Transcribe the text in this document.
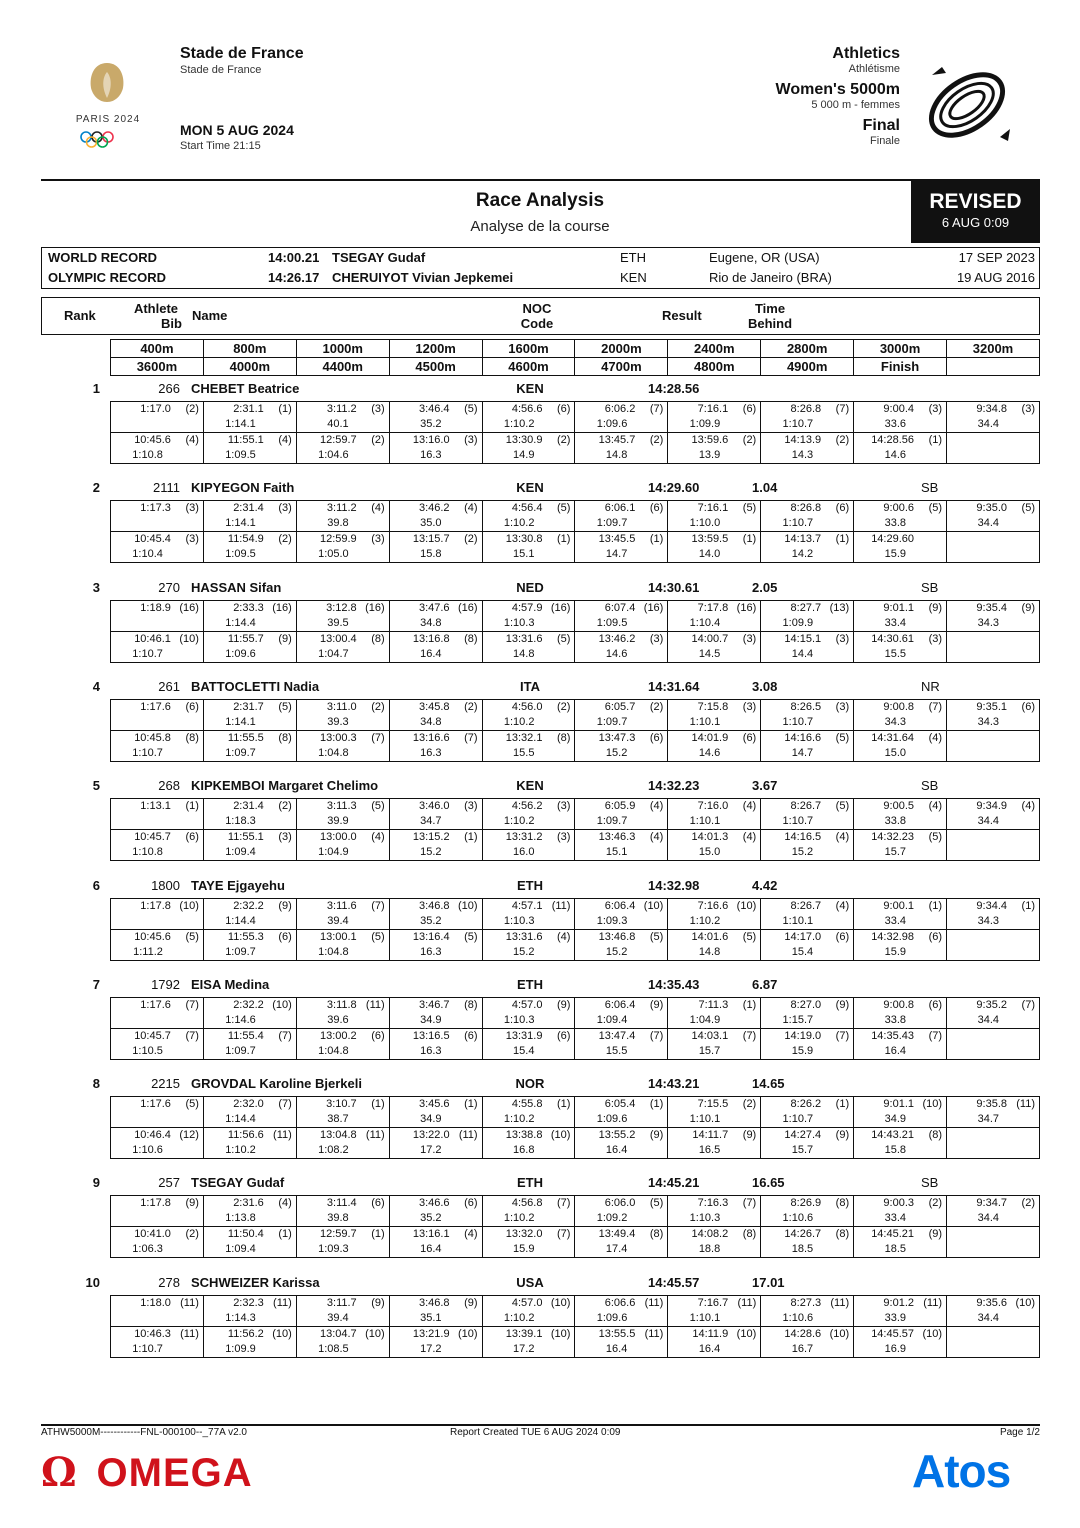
PARIS 2024
Stade de France
Stade de France
MON 5 AUG 2024
Start Time 21:15
Athletics
Athlétisme
Women's 5000m
5 000 m - femmes
Final
Finale
REVISED
6 AUG 0:09
Race Analysis
Analyse de la course
WORLD RECORD	14:00.21 TSEGAY Gudaf	ETH	Eugene, OR (USA)	17 SEP 2023
OLYMPIC RECORD	14:26.17 CHERUIYOT Vivian Jepkemei	KEN	Rio de Janeiro (BRA)	19 AUG 2016
Rank	Athlete
Bib
Name	NOC
Code
Result	Time
Behind
400m	800m	1000m	1200m	1600m	2000m	2400m	2800m	3000m	3200m
3600m	4000m	4400m	4500m	4600m	4700m	4800m	4900m	Finish	
1	266 CHEBET Beatrice	KEN	14:28.56
1:17.0 (2)	2:31.1 (1)	3:11.2 (3)	3:46.4 (5)	4:56.6 (6)	6:06.2 (7)	7:16.1 (6)	8:26.8 (7)	9:00.4 (3)	9:34.8 (3)

	1:14.1	40.1	35.2	1:10.2	1:09.6	1:09.9	1:10.7	33.6	34.4

10:45.6 (4)	11:55.1 (4)	12:59.7 (2)	13:16.0 (3)	13:30.9 (2)	13:45.7 (2)	13:59.6 (2)	14:13.9 (2)	14:28.56 (1)	

1:10.8	1:09.5	1:04.6	16.3	14.9	14.8	13.9	14.3	14.6	

2	2111 KIPYEGON Faith	KEN	14:29.60	1.04	SB
1:17.3 (3)	2:31.4 (3)	3:11.2 (4)	3:46.2 (4)	4:56.4 (5)	6:06.1 (6)	7:16.1 (5)	8:26.8 (6)	9:00.6 (5)	9:35.0 (5)

	1:14.1	39.8	35.0	1:10.2	1:09.7	1:10.0	1:10.7	33.8	34.4

10:45.4 (3)	11:54.9 (2)	12:59.9 (3)	13:15.7 (2)	13:30.8 (1)	13:45.5 (1)	13:59.5 (1)	14:13.7 (1)	14:29.60	

1:10.4	1:09.5	1:05.0	15.8	15.1	14.7	14.0	14.2	15.9	

3	270 HASSAN Sifan	NED	14:30.61	2.05	SB
1:18.9 (16)	2:33.3 (16)	3:12.8 (16)	3:47.6 (16)	4:57.9 (16)	6:07.4 (16)	7:17.8 (16)	8:27.7 (13)	9:01.1 (9)	9:35.4 (9)

	1:14.4	39.5	34.8	1:10.3	1:09.5	1:10.4	1:09.9	33.4	34.3

10:46.1 (10)	11:55.7 (9)	13:00.4 (8)	13:16.8 (8)	13:31.6 (5)	13:46.2 (3)	14:00.7 (3)	14:15.1 (3)	14:30.61 (3)	

1:10.7	1:09.6	1:04.7	16.4	14.8	14.6	14.5	14.4	15.5	

4	261 BATTOCLETTI Nadia	ITA	14:31.64	3.08	NR
1:17.6 (6)	2:31.7 (5)	3:11.0 (2)	3:45.8 (2)	4:56.0 (2)	6:05.7 (2)	7:15.8 (3)	8:26.5 (3)	9:00.8 (7)	9:35.1 (6)

	1:14.1	39.3	34.8	1:10.2	1:09.7	1:10.1	1:10.7	34.3	34.3

10:45.8 (8)	11:55.5 (8)	13:00.3 (7)	13:16.6 (7)	13:32.1 (8)	13:47.3 (6)	14:01.9 (6)	14:16.6 (5)	14:31.64 (4)	

1:10.7	1:09.7	1:04.8	16.3	15.5	15.2	14.6	14.7	15.0	

5	268 KIPKEMBOI Margaret Chelimo	KEN	14:32.23	3.67	SB
1:13.1 (1)	2:31.4 (2)	3:11.3 (5)	3:46.0 (3)	4:56.2 (3)	6:05.9 (4)	7:16.0 (4)	8:26.7 (5)	9:00.5 (4)	9:34.9 (4)

	1:18.3	39.9	34.7	1:10.2	1:09.7	1:10.1	1:10.7	33.8	34.4

10:45.7 (6)	11:55.1 (3)	13:00.0 (4)	13:15.2 (1)	13:31.2 (3)	13:46.3 (4)	14:01.3 (4)	14:16.5 (4)	14:32.23 (5)	

1:10.8	1:09.4	1:04.9	15.2	16.0	15.1	15.0	15.2	15.7	

6	1800 TAYE Ejgayehu	ETH	14:32.98	4.42
1:17.8 (10)	2:32.2 (9)	3:11.6 (7)	3:46.8 (10)	4:57.1 (11)	6:06.4 (10)	7:16.6 (10)	8:26.7 (4)	9:00.1 (1)	9:34.4 (1)

	1:14.4	39.4	35.2	1:10.3	1:09.3	1:10.2	1:10.1	33.4	34.3

10:45.6 (5)	11:55.3 (6)	13:00.1 (5)	13:16.4 (5)	13:31.6 (4)	13:46.8 (5)	14:01.6 (5)	14:17.0 (6)	14:32.98 (6)	

1:11.2	1:09.7	1:04.8	16.3	15.2	15.2	14.8	15.4	15.9	

7	1792 EISA Medina	ETH	14:35.43	6.87
1:17.6 (7)	2:32.2 (10)	3:11.8 (11)	3:46.7 (8)	4:57.0 (9)	6:06.4 (9)	7:11.3 (1)	8:27.0 (9)	9:00.8 (6)	9:35.2 (7)

	1:14.6	39.6	34.9	1:10.3	1:09.4	1:04.9	1:15.7	33.8	34.4

10:45.7 (7)	11:55.4 (7)	13:00.2 (6)	13:16.5 (6)	13:31.9 (6)	13:47.4 (7)	14:03.1 (7)	14:19.0 (7)	14:35.43 (7)	

1:10.5	1:09.7	1:04.8	16.3	15.4	15.5	15.7	15.9	16.4	

8	2215 GROVDAL Karoline Bjerkeli	NOR	14:43.21	14.65
1:17.6 (5)	2:32.0 (7)	3:10.7 (1)	3:45.6 (1)	4:55.8 (1)	6:05.4 (1)	7:15.5 (2)	8:26.2 (1)	9:01.1 (10)	9:35.8 (11)

	1:14.4	38.7	34.9	1:10.2	1:09.6	1:10.1	1:10.7	34.9	34.7

10:46.4 (12)	11:56.6 (11)	13:04.8 (11)	13:22.0 (11)	13:38.8 (10)	13:55.2 (9)	14:11.7 (9)	14:27.4 (9)	14:43.21 (8)	

1:10.6	1:10.2	1:08.2	17.2	16.8	16.4	16.5	15.7	15.8	

9	257 TSEGAY Gudaf	ETH	14:45.21	16.65	SB
1:17.8 (9)	2:31.6 (4)	3:11.4 (6)	3:46.6 (6)	4:56.8 (7)	6:06.0 (5)	7:16.3 (7)	8:26.9 (8)	9:00.3 (2)	9:34.7 (2)

	1:13.8	39.8	35.2	1:10.2	1:09.2	1:10.3	1:10.6	33.4	34.4

10:41.0 (2)	11:50.4 (1)	12:59.7 (1)	13:16.1 (4)	13:32.0 (7)	13:49.4 (8)	14:08.2 (8)	14:26.7 (8)	14:45.21 (9)	

1:06.3	1:09.4	1:09.3	16.4	15.9	17.4	18.8	18.5	18.5	

10	278 SCHWEIZER Karissa	USA	14:45.57	17.01
1:18.0 (11)	2:32.3 (11)	3:11.7 (9)	3:46.8 (9)	4:57.0 (10)	6:06.6 (11)	7:16.7 (11)	8:27.3 (11)	9:01.2 (11)	9:35.6 (10)

	1:14.3	39.4	35.1	1:10.2	1:09.6	1:10.1	1:10.6	33.9	34.4

10:46.3 (11)	11:56.2 (10)	13:04.7 (10)	13:21.9 (10)	13:39.1 (10)	13:55.5 (11)	14:11.9 (10)	14:28.6 (10)	14:45.57 (10)	

1:10.7	1:09.9	1:08.5	17.2	17.2	16.4	16.4	16.7	16.9	

ATHW5000M------------FNL-000100--_77A v2.0	Report Created TUE 6 AUG 2024 0:09	Page 1/2
Ω OMEGA	Atos
